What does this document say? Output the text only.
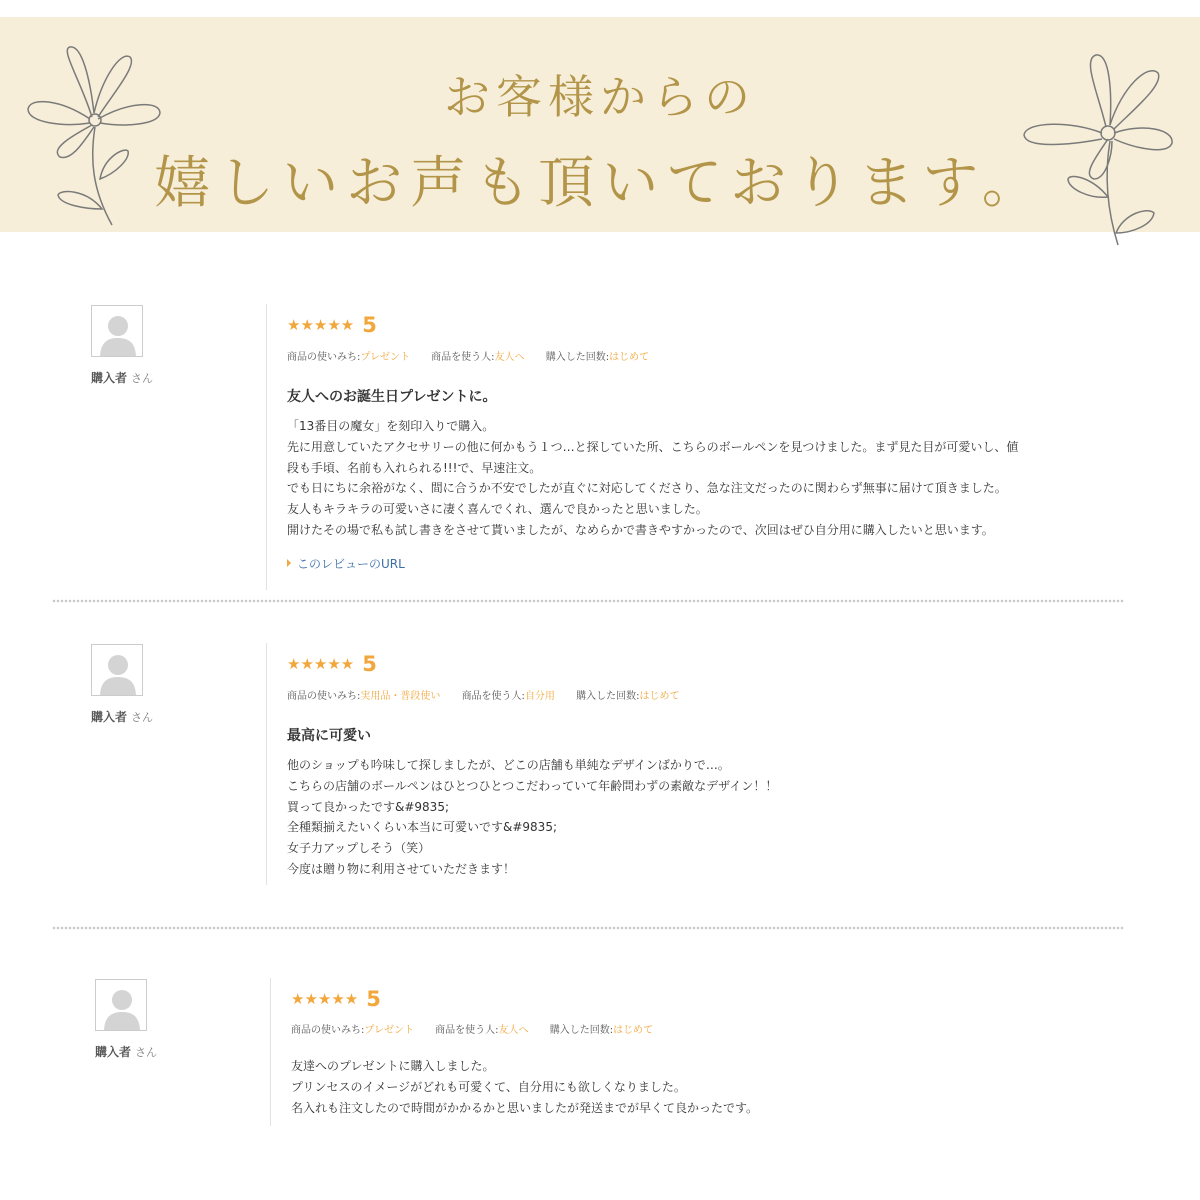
お客様からの
嬉しいお声も頂いております。
購入者 さん
★★★★★ 5
商品の使いみち:プレゼント 商品を使う人:友人へ 購入した回数:はじめて
友人へのお誕生日プレゼントに。

「13番目の魔女」を刻印入りで購入。

先に用意していたアクセサリーの他に何かもう１つ…と探していた所、こちらのボールペンを見つけました。まず見た目が可愛いし、値

段も手頃、名前も入れられる!!!で、早速注文。

でも日にちに余裕がなく、間に合うか不安でしたが直ぐに対応してくださり、急な注文だったのに関わらず無事に届けて頂きました。

友人もキラキラの可愛いさに凄く喜んでくれ、選んで良かったと思いました。

開けたその場で私も試し書きをさせて貰いましたが、なめらかで書きやすかったので、次回はぜひ自分用に購入したいと思います。

このレビューのURL
購入者 さん
★★★★★ 5
商品の使いみち:実用品・普段使い 商品を使う人:自分用 購入した回数:はじめて
最高に可愛い

他のショップも吟味して探しましたが、どこの店舗も単純なデザインばかりで…。

こちらの店舗のボールペンはひとつひとつこだわっていて年齢問わずの素敵なデザイン！！

買って良かったです&#9835;

全種類揃えたいくらい本当に可愛いです&#9835;

女子力アップしそう（笑）

今度は贈り物に利用させていただきます！

購入者 さん
★★★★★ 5
商品の使いみち:プレゼント 商品を使う人:友人へ 購入した回数:はじめて

友達へのプレゼントに購入しました。

プリンセスのイメージがどれも可愛くて、自分用にも欲しくなりました。

名入れも注文したので時間がかかるかと思いましたが発送までが早くて良かったです。
